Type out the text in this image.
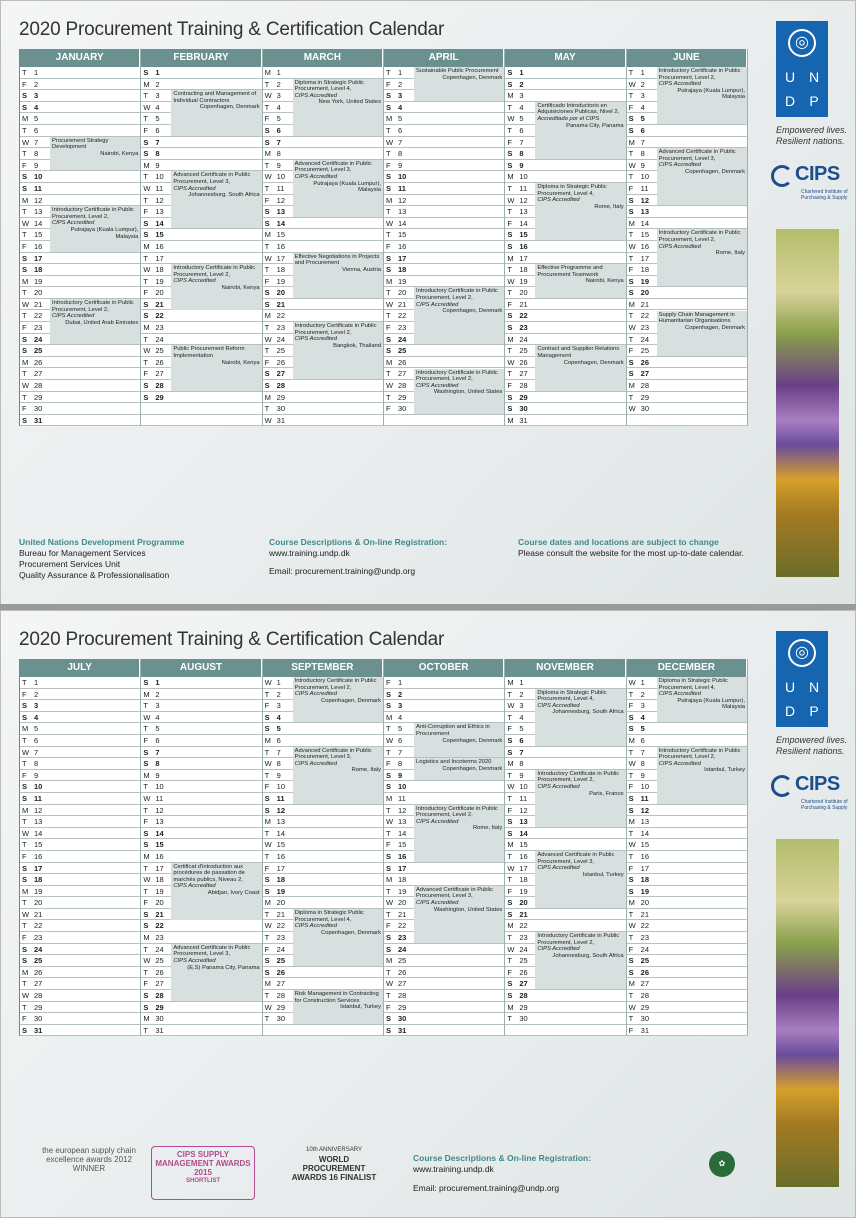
2020 Procurement Training & Certification Calendar
JANUARY
T 1
F 2
S 3
S 4
M 5
T 6
W 7
T 8
F 9
S 10
S 11
M 12
T 13
W 14
T 15
F 16
S 17
S 18
M 19
T 20
W 21
T 22
F 23
S 24
S 25
M 26
T 27
W 28
T 29
F 30
S 31
Procurement Strategy Development
Nairobi, Kenya
Introductory Certificate in Public Procurement, Level 2,
CIPS Accredited
Putrajaya (Kuala Lumpur), Malaysia
Introductory Certificate in Public Procurement, Level 2,
CIPS Accredited
Dubai, United Arab Emirates
FEBRUARY
S 1
M 2
T 3
W 4
T 5
F 6
S 7
S 8
M 9
T 10
W 11
T 12
F 13
S 14
S 15
M 16
T 17
W 18
T 19
F 20
S 21
S 22
M 23
T 24
W 25
T 26
F 27
S 28
S 29
Contracting and Management of Individual Contractors
Copenhagen, Denmark
Advanced Certificate in Public Procurement, Level 3,
CIPS Accredited
Johannesburg, South Africa
Introductory Certificate in Public Procurement, Level 2,
CIPS Accredited
Nairobi, Kenya
Public Procurement Reform Implementation
Nairobi, Kenya
MARCH
M 1
T 2
W 3
T 4
F 5
S 6
S 7
M 8
T 9
W 10
T 11
F 12
S 13
S 14
M 15
T 16
W 17
T 18
F 19
S 20
S 21
M 22
T 23
W 24
T 25
F 26
S 27
S 28
M 29
T 30
W 31
Diploma in Strategic Public Procurement, Level 4,
CIPS Accredited
New York, United States
Advanced Certificate in Public Procurement, Level 3,
CIPS Accredited
Putrajaya (Kuala Lumpur), Malaysia
Effective Negotiations in Projects and Procurement
Vienna, Austria
Introductory Certificate in Public Procurement, Level 2,
CIPS Accredited
Bangkok, Thailand
APRIL
T 1
F 2
S 3
S 4
M 5
T 6
W 7
T 8
F 9
S 10
S 11
M 12
T 13
W 14
T 15
F 16
S 17
S 18
M 19
T 20
W 21
T 22
F 23
S 24
S 25
M 26
T 27
W 28
T 29
F 30
Sustainable Public Procurement
Copenhagen, Denmark
Introductory Certificate in Public Procurement, Level 2,
CIPS Accredited
Copenhagen, Denmark
Introductory Certificate in Public Procurement, Level 2,
CIPS Accredited
Washington, United States
MAY
S 1
S 2
M 3
T 4
W 5
T 6
F 7
S 8
S 9
M 10
T 11
W 12
T 13
F 14
S 15
S 16
M 17
T 18
W 19
T 20
F 21
S 22
S 23
M 24
T 25
W 26
T 27
F 28
S 29
S 30
M 31
Certificado Introductorio en Adquisiciones Publicas, Nivel 2,
Accreditado por el CIPS
Panama City, Panama
Diploma in Strategic Public Procurement, Level 4,
CIPS Accredited
Rome, Italy
Effective Programme and Procurement Teamwork
Nairobi, Kenya
Contract and Supplier Relations Management
Copenhagen, Denmark
JUNE
T 1
W 2
T 3
F 4
S 5
S 6
M 7
T 8
W 9
T 10
F 11
S 12
S 13
M 14
T 15
W 16
T 17
F 18
S 19
S 20
M 21
T 22
W 23
T 24
F 25
S 26
S 27
M 28
T 29
W 30
Introductory Certificate in Public Procurement, Level 2,
CIPS Accredited
Putrajaya (Kuala Lumpur), Malaysia
Advanced Certificate in Public Procurement, Level 3,
CIPS Accredited
Copenhagen, Denmark
Introductory Certificate in Public Procurement, Level 2,
CIPS Accredited
Rome, Italy
Supply Chain Management in Humanitarian Organisations
Copenhagen, Denmark
United Nations Development Programme
Bureau for Management Services
Procurement Services Unit
Quality Assurance & Professionalisation
Course Descriptions & On-line Registration:
www.training.undp.dk
Email: procurement.training@undp.org
Course dates and locations are subject to change
Please consult the website for the most up-to-date calendar.
◎
U N
D	P
Empowered lives.
Resilient nations.
CIPS
Chartered Institute of Purchasing & Supply
2020 Procurement Training & Certification Calendar
JULY
T 1
F 2
S 3
S 4
M 5
T 6
W 7
T 8
F 9
S 10
S 11
M 12
T 13
W 14
T 15
F 16
S 17
S 18
M 19
T 20
W 21
T 22
F 23
S 24
S 25
M 26
T 27
W 28
T 29
F 30
S 31
AUGUST
S 1
M 2
T 3
W 4
T 5
F 6
S 7
S 8
M 9
T 10
W 11
T 12
F 13
S 14
S 15
M 16
T 17
W 18
T 19
F 20
S 21
S 22
M 23
T 24
W 25
T 26
F 27
S 28
S 29
M 30
T 31
Certificat d'introduction aux procédures de passation de marchés publics, Niveau 2,
CIPS Accredited
Abidjan, Ivory Coast
Advanced Certificate in Public Procurement, Level 3,
CIPS Accredited
(E,S) Panama City, Panama
SEPTEMBER
W 1
T 2
F 3
S 4
S 5
M 6
T 7
W 8
T 9
F 10
S 11
S 12
M 13
T 14
W 15
T 16
F 17
S 18
S 19
M 20
T 21
W 22
T 23
F 24
S 25
S 26
M 27
T 28
W 29
T 30
Introductory Certificate in Public Procurement, Level 2,
CIPS Accredited
Copenhagen, Denmark
Advanced Certificate in Public Procurement, Level 3,
CIPS Accredited
Rome, Italy
Diploma in Strategic Public Procurement, Level 4,
CIPS Accredited
Copenhagen, Denmark
Risk Management in Contracting for Construction Services
Istanbul, Turkey
OCTOBER
F 1
S 2
S 3
M 4
T 5
W 6
T 7
F 8
S 9
S 10
M 11
T 12
W 13
T 14
F 15
S 16
S 17
M 18
T 19
W 20
T 21
F 22
S 23
S 24
M 25
T 26
W 27
T 28
F 29
S 30
S 31
Anti-Corruption and Ethics in Procurement
Copenhagen, Denmark
Logistics and Incoterms 2020
Copenhagen, Denmark
Introductory Certificate in Public Procurement, Level 2,
CIPS Accredited
Rome, Italy
Advanced Certificate in Public Procurement, Level 3,
CIPS Accredited
Washington, United States
NOVEMBER
M 1
T 2
W 3
T 4
F 5
S 6
S 7
M 8
T 9
W 10
T 11
F 12
S 13
S 14
M 15
T 16
W 17
T 18
F 19
S 20
S 21
M 22
T 23
W 24
T 25
F 26
S 27
S 28
M 29
T 30
Diploma in Strategic Public Procurement, Level 4,
CIPS Accredited
Johannesburg, South Africa
Introductory Certificate in Public Procurement, Level 2,
CIPS Accredited
Paris, France
Advanced Certificate in Public Procurement, Level 3,
CIPS Accredited
Istanbul, Turkey
Introductory Certificate in Public Procurement, Level 2,
CIPS Accredited
Johannesburg, South Africa
DECEMBER
W 1
T 2
F 3
S 4
S 5
M 6
T 7
W 8
T 9
F 10
S 11
S 12
M 13
T 14
W 15
T 16
F 17
S 18
S 19
M 20
T 21
W 22
T 23
F 24
S 25
S 26
M 27
T 28
W 29
T 30
F 31
Diploma in Strategic Public Procurement, Level 4,
CIPS Accredited
Putrajaya (Kuala Lumpur), Malaysia
Introductory Certificate in Public Procurement, Level 2,
CIPS Accredited
Istanbul, Turkey
the european supply chain excellence awards 2012 WINNER
CIPS SUPPLY MANAGEMENT AWARDS 2015
SHORTLIST
10th ANNIVERSARY
WORLD PROCUREMENT AWARDS 16 FINALIST
Course Descriptions & On-line Registration:
www.training.undp.dk
Email: procurement.training@undp.org
✿
◎
U N
D	P
Empowered lives.
Resilient nations.
CIPS
Chartered Institute of Purchasing & Supply
